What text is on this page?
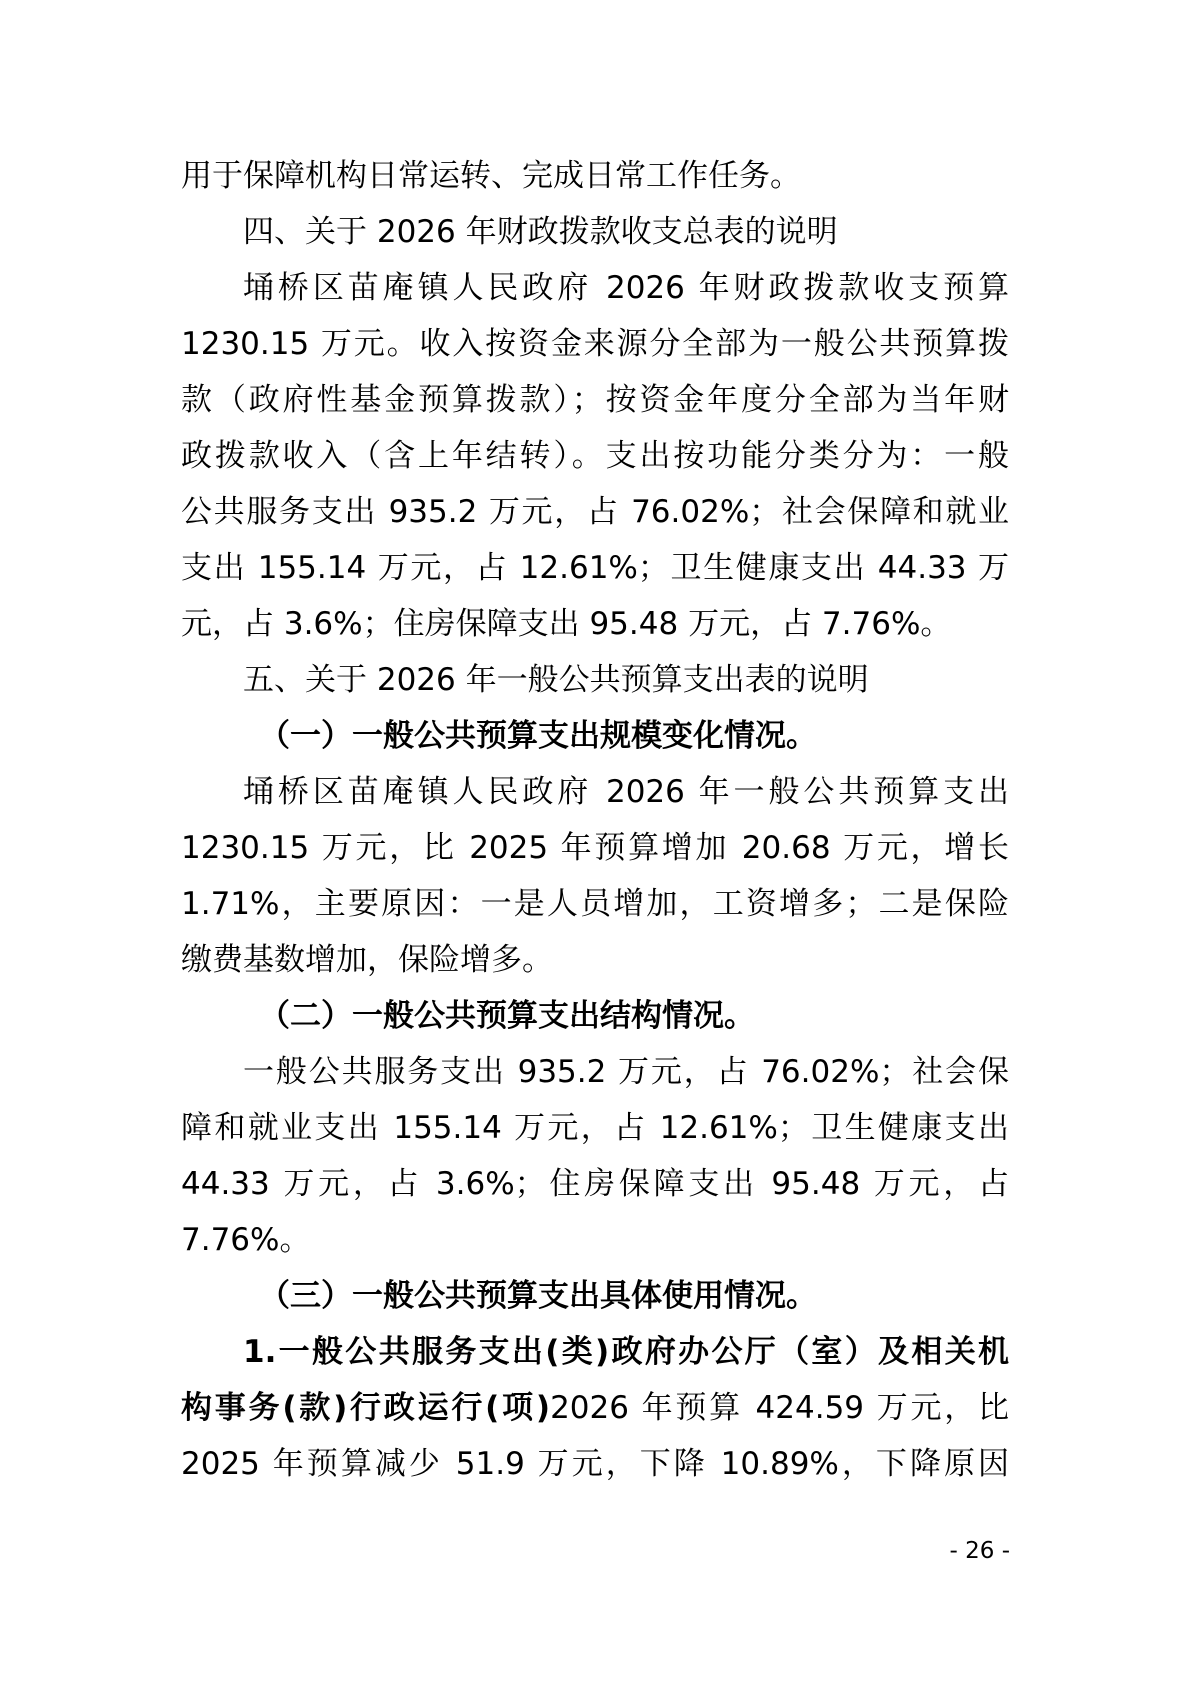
用于保障机构日常运转、完成日常工作任务。
四、关于 2026 年财政拨款收支总表的说明
埇桥区苗庵镇人民政府 2026 年财政拨款收支预算
1230.15 万元。收入按资金来源分全部为一般公共预算拨
款（政府性基金预算拨款）；按资金年度分全部为当年财
政拨款收入（含上年结转）。支出按功能分类分为：一般
公共服务支出 935.2 万元，占 76.02%；社会保障和就业
支出 155.14 万元，占 12.61%；卫生健康支出 44.33 万
元，占 3.6%；住房保障支出 95.48 万元，占 7.76%。
五、关于 2026 年一般公共预算支出表的说明
（一）一般公共预算支出规模变化情况。
埇桥区苗庵镇人民政府 2026 年一般公共预算支出
1230.15 万元，比 2025 年预算增加 20.68 万元，增长
1.71%，主要原因：一是人员增加，工资增多；二是保险
缴费基数增加，保险增多。
（二）一般公共预算支出结构情况。
一般公共服务支出 935.2 万元，占 76.02%；社会保
障和就业支出 155.14 万元，占 12.61%；卫生健康支出
44.33 万元，占 3.6%；住房保障支出 95.48 万元，占
7.76%。
（三）一般公共预算支出具体使用情况。
1.一般公共服务支出(类)政府办公厅（室）及相关机
构事务(款)行政运行(项)2026 年预算 424.59 万元，比
2025 年预算减少 51.9 万元，下降 10.89%，下降原因
- 26 -
